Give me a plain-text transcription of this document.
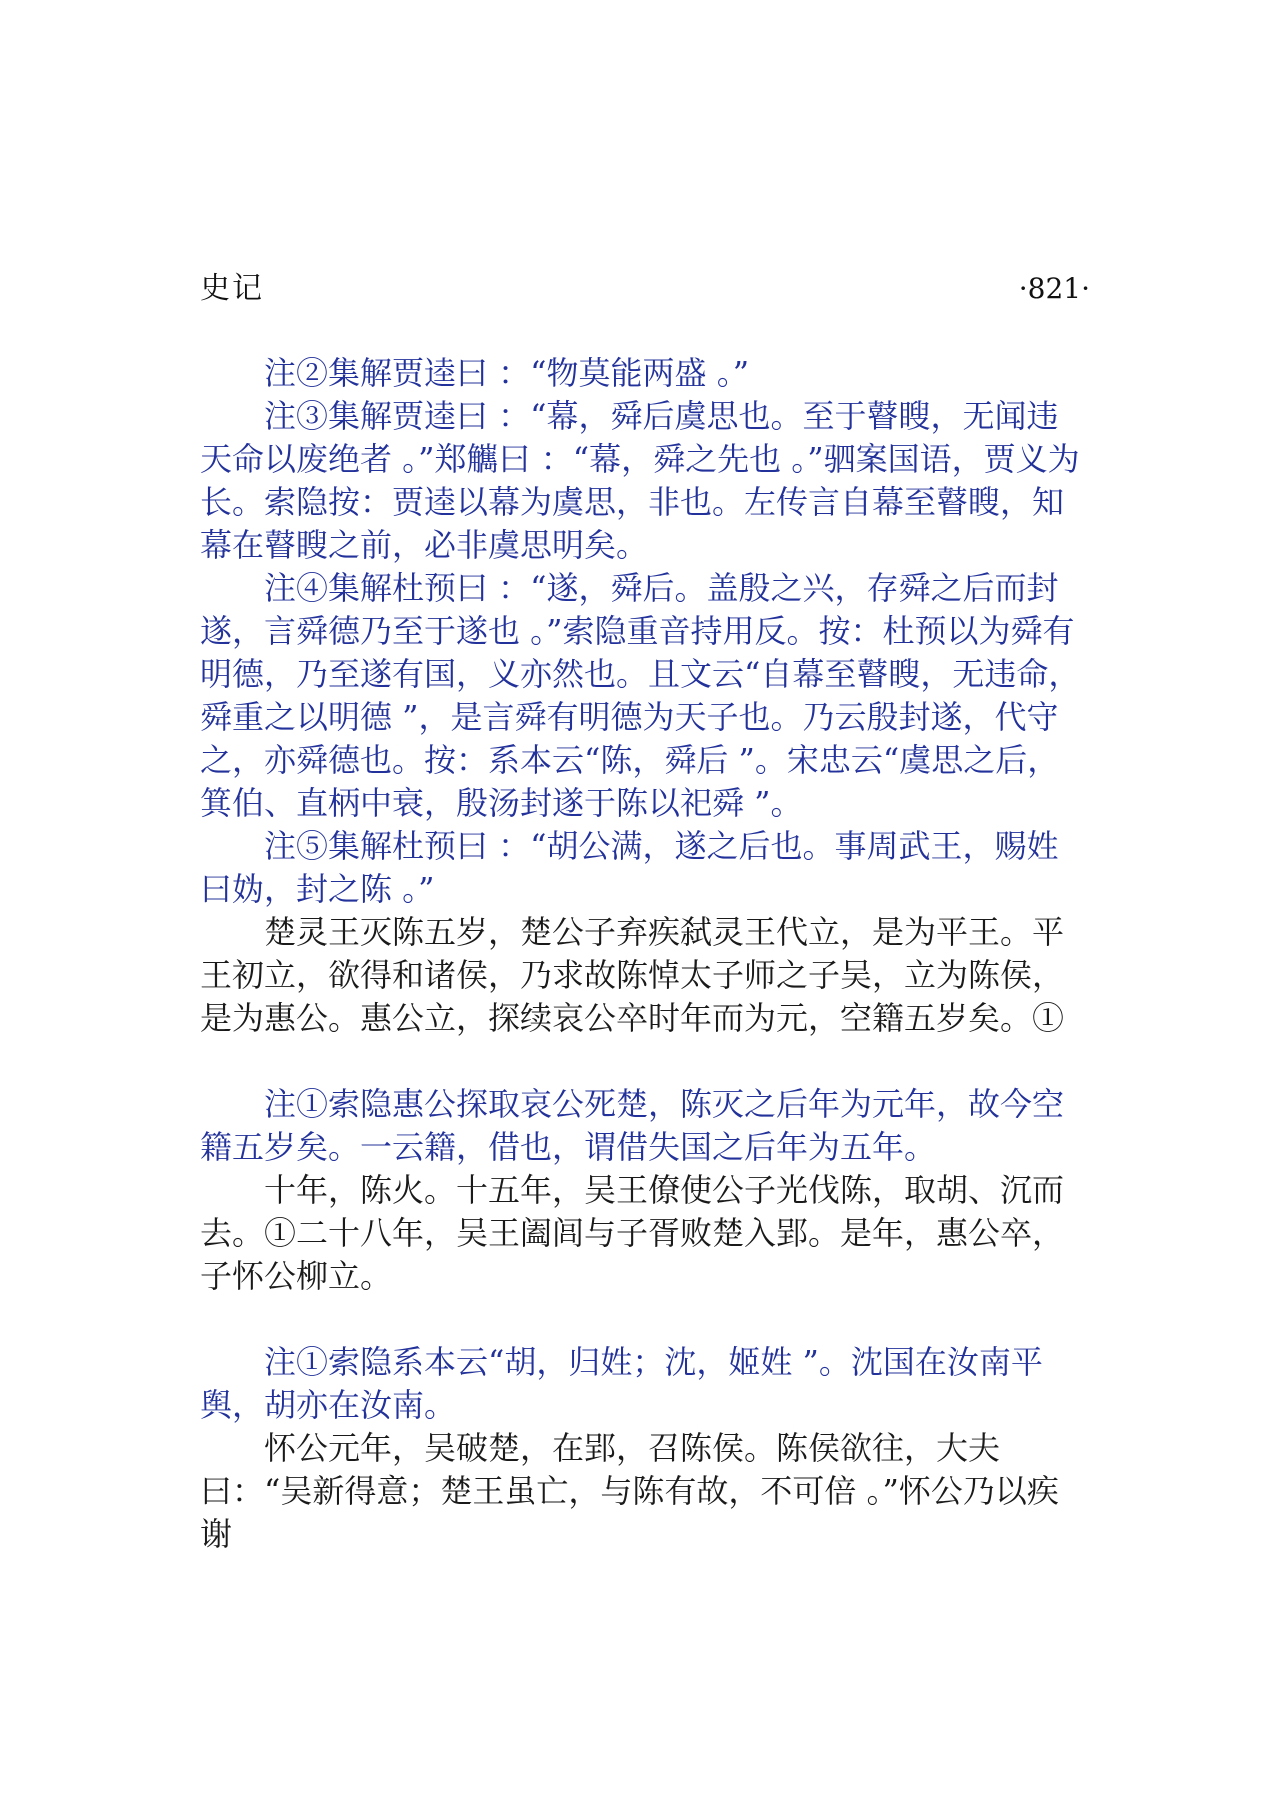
史记	·821·

注②集解贾逵曰 ：“物莫能两盛 。”

注③集解贾逵曰 ：“幕，舜后虞思也。至于瞽瞍，无闻违天命以废绝者 。”郑觽曰 ：“幕，舜之先也 。”驷案国语，贾义为长。索隐按：贾逵以幕为虞思，非也。左传言自幕至瞽瞍，知幕在瞽瞍之前，必非虞思明矣。

注④集解杜预曰 ：“遂，舜后。盖殷之兴，存舜之后而封遂，言舜德乃至于遂也 。”索隐重音持用反。按：杜预以为舜有明德，乃至遂有国，义亦然也。且文云“自幕至瞽瞍，无违命，舜重之以明德 ”，是言舜有明德为天子也。乃云殷封遂，代守之，亦舜德也。按：系本云“陈，舜后 ”。宋忠云“虞思之后，箕伯、直柄中衰，殷汤封遂于陈以祀舜 ”。

注⑤集解杜预曰 ：“胡公满，遂之后也。事周武王，赐姓曰妫，封之陈 。”

楚灵王灭陈五岁，楚公子弃疾弑灵王代立，是为平王。平王初立，欲得和诸侯，乃求故陈悼太子师之子吴，立为陈侯，是为惠公。惠公立，探续哀公卒时年而为元，空籍五岁矣。①

注①索隐惠公探取哀公死楚，陈灭之后年为元年，故今空籍五岁矣。一云籍，借也，谓借失国之后年为五年。

十年，陈火。十五年，吴王僚使公子光伐陈，取胡、沉而去。①二十八年，吴王阖闾与子胥败楚入郢。是年，惠公卒，子怀公柳立。

注①索隐系本云“胡，归姓；沈，姬姓 ”。沈国在汝南平舆，胡亦在汝南。

怀公元年，吴破楚，在郢，召陈侯。陈侯欲往，大夫曰：“吴新得意；楚王虽亡，与陈有故，不可倍 。”怀公乃以疾谢
